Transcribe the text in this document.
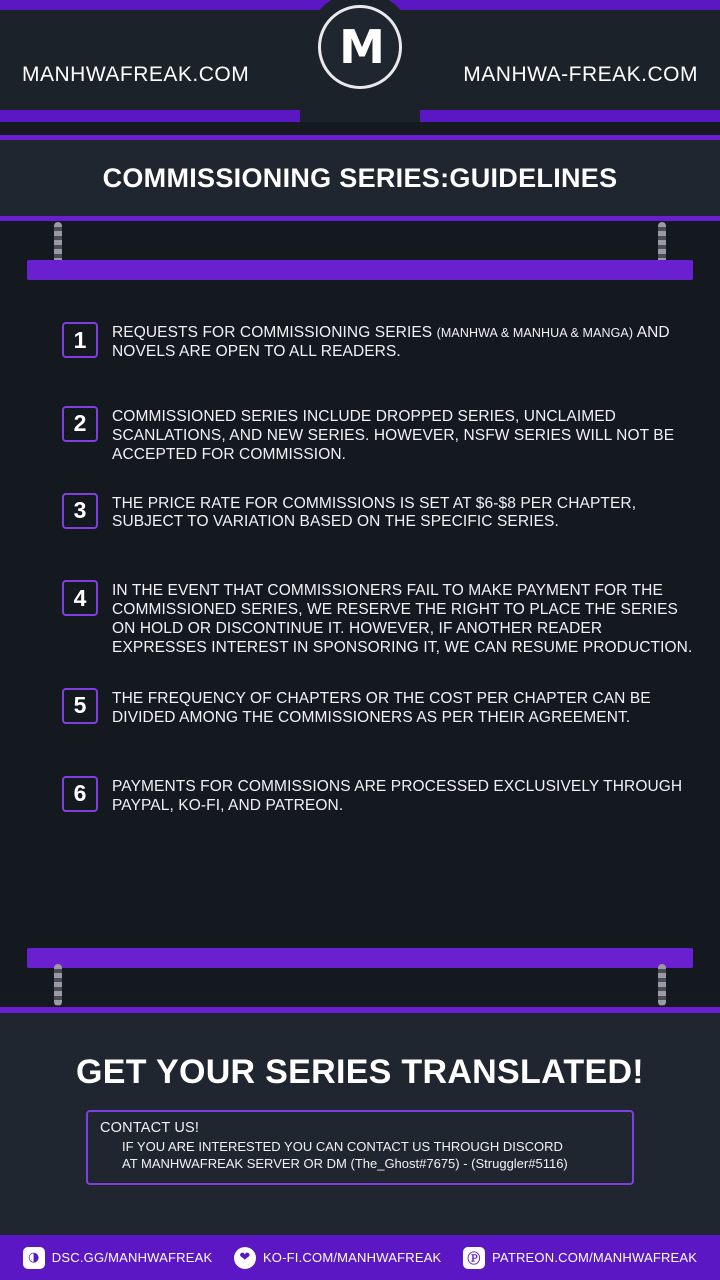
MANHWAFREAK.COM	MANHWA-FREAK.COM
M
COMMISSIONING SERIES:GUIDELINES
1	REQUESTS FOR COMMISSIONING SERIES (MANHWA & MANHUA & MANGA) AND NOVELS ARE OPEN TO ALL READERS.
2	COMMISSIONED SERIES INCLUDE DROPPED SERIES, UNCLAIMED SCANLATIONS, AND NEW SERIES. HOWEVER, NSFW SERIES WILL NOT BE ACCEPTED FOR COMMISSION.
3	THE PRICE RATE FOR COMMISSIONS IS SET AT $6-$8 PER CHAPTER, SUBJECT TO VARIATION BASED ON THE SPECIFIC SERIES.
4	IN THE EVENT THAT COMMISSIONERS FAIL TO MAKE PAYMENT FOR THE COMMISSIONED SERIES, WE RESERVE THE RIGHT TO PLACE THE SERIES ON HOLD OR DISCONTINUE IT. HOWEVER, IF ANOTHER READER EXPRESSES INTEREST IN SPONSORING IT, WE CAN RESUME PRODUCTION.
5	THE FREQUENCY OF CHAPTERS OR THE COST PER CHAPTER CAN BE DIVIDED AMONG THE COMMISSIONERS AS PER THEIR AGREEMENT.
6	PAYMENTS FOR COMMISSIONS ARE PROCESSED EXCLUSIVELY THROUGH PAYPAL, KO-FI, AND PATREON.
GET YOUR SERIES TRANSLATED!
CONTACT US!
IF YOU ARE INTERESTED YOU CAN CONTACT US THROUGH DISCORD
AT MANHWAFREAK SERVER OR DM (The_Ghost#7675) - (Struggler#5116)
◑ DSC.GG/MANHWAFREAK	❤ KO-FI.COM/MANHWAFREAK	Ⓟ PATREON.COM/MANHWAFREAK
